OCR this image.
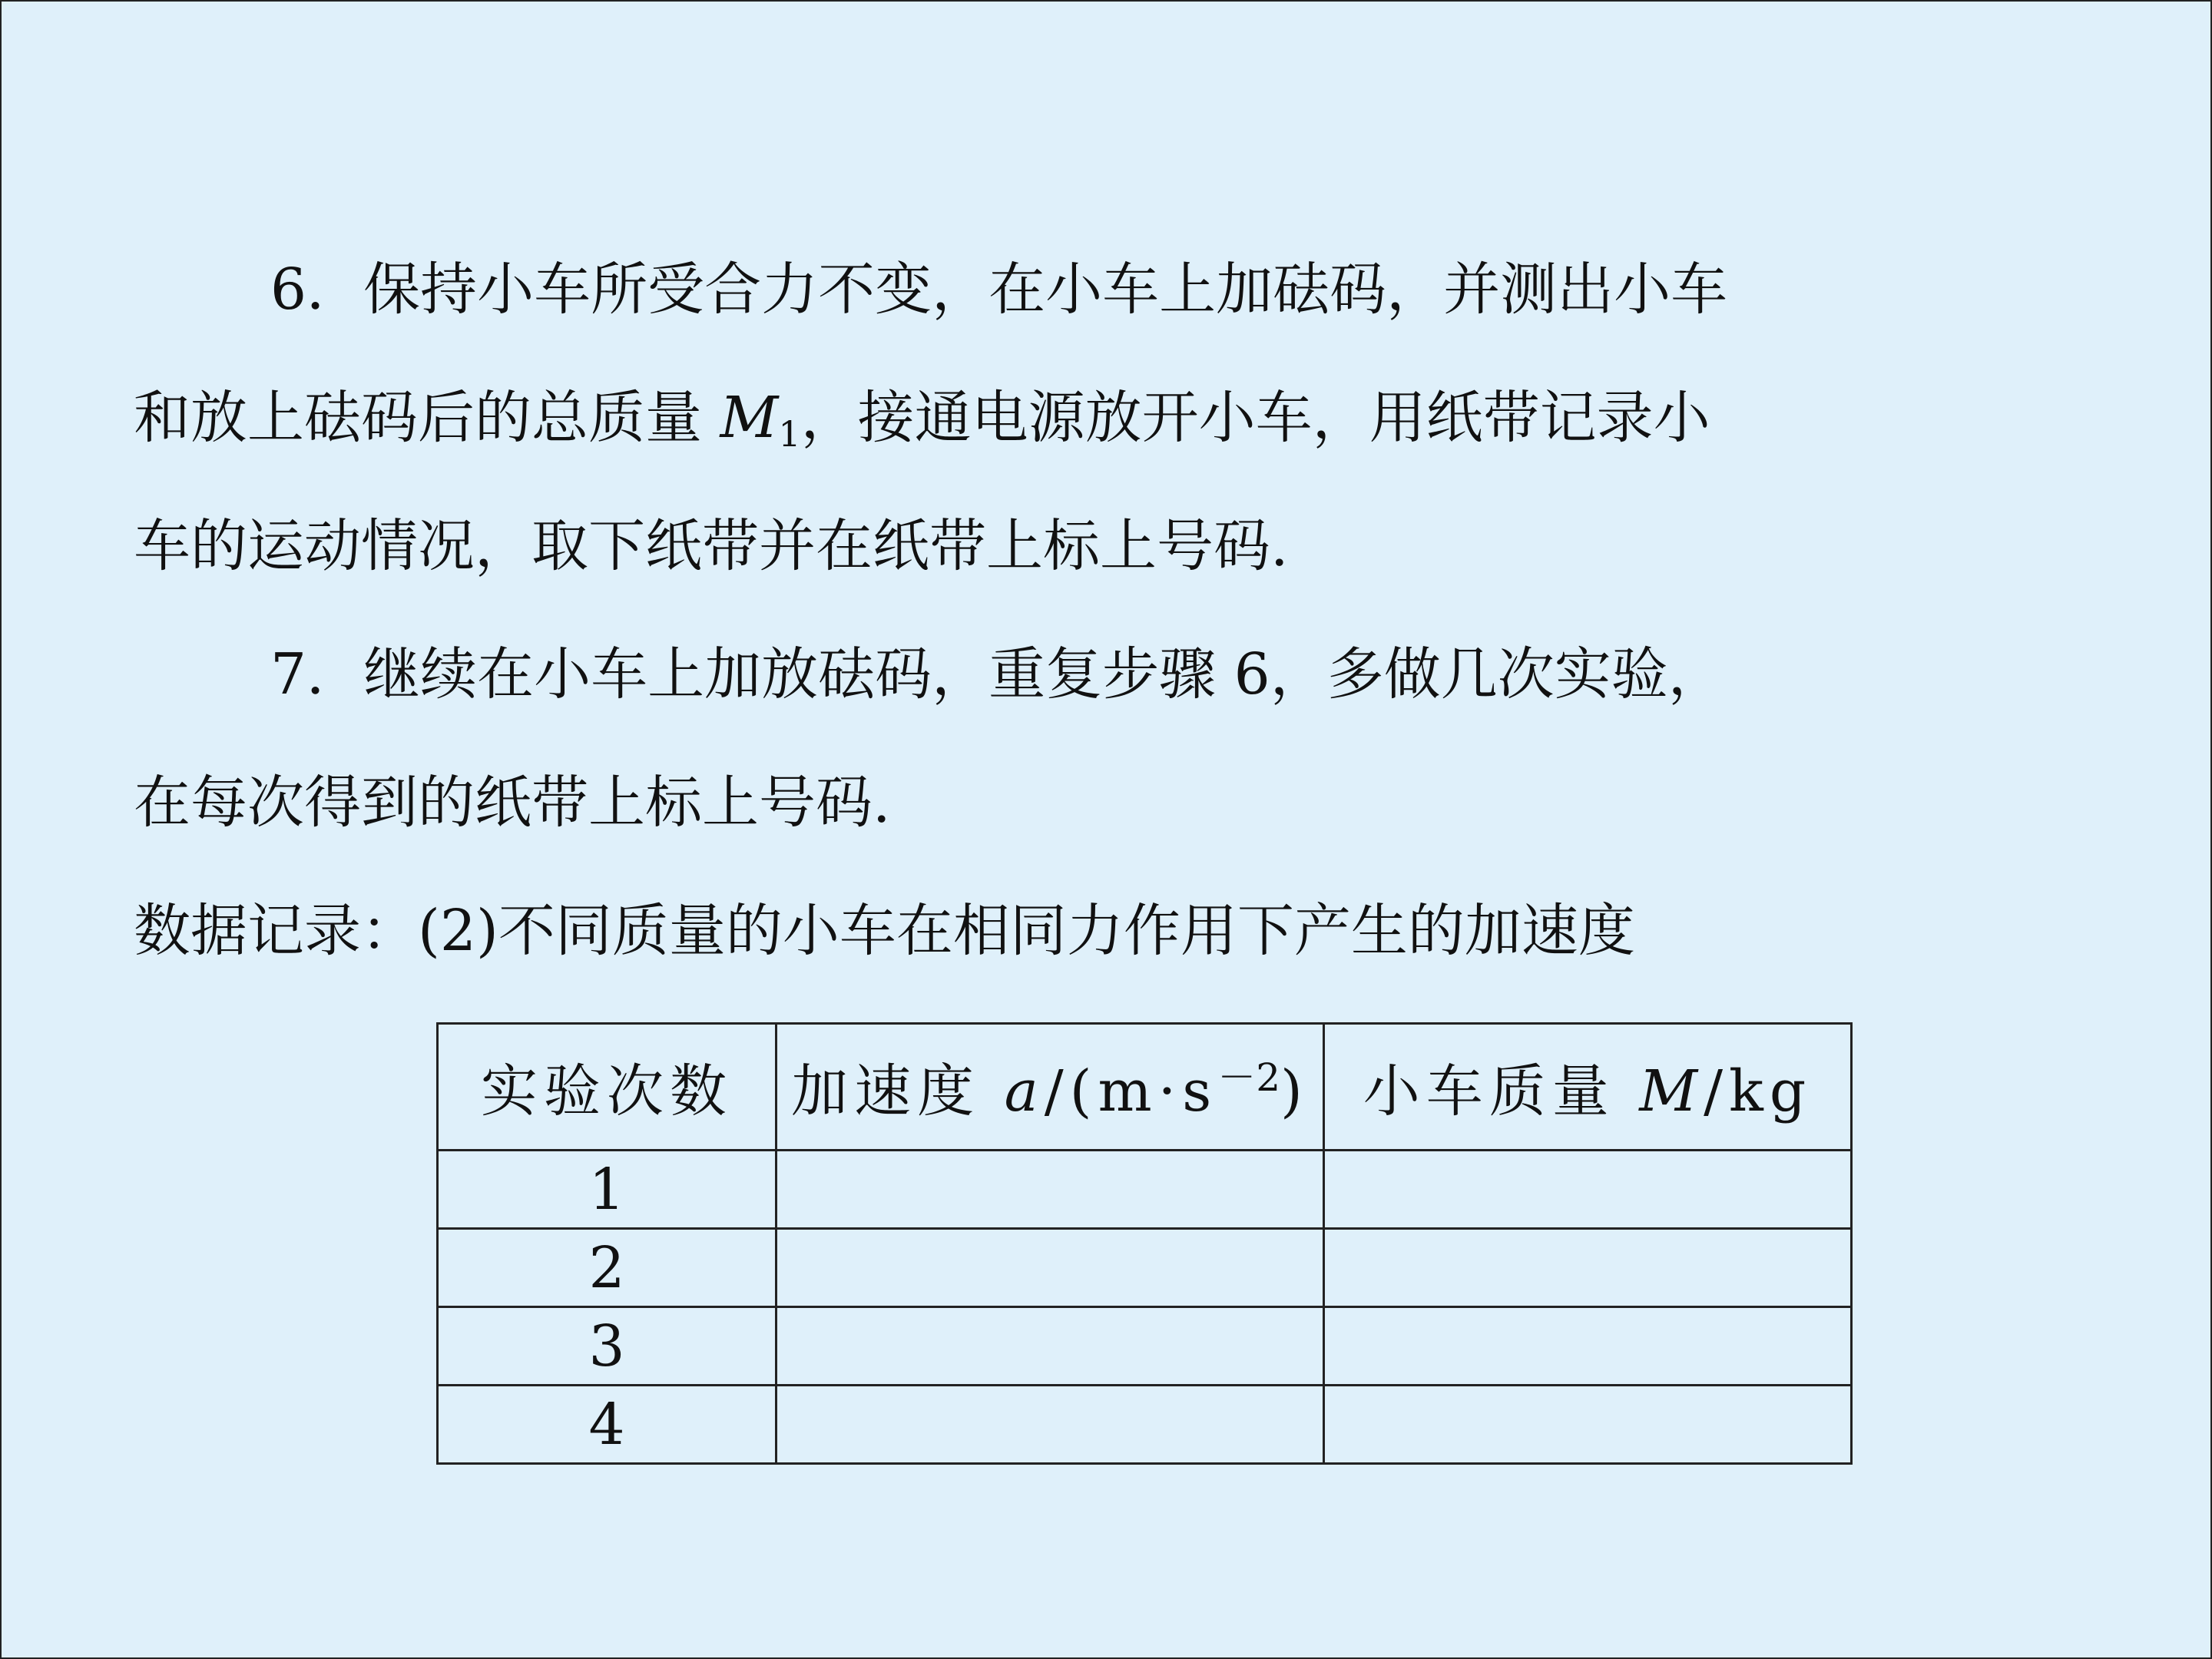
6．保持小车所受合力不变，在小车上加砝码，并测出小车
和放上砝码后的总质量 $M_1$，接通电源放开小车，用纸带记录小
车的运动情况，取下纸带并在纸带上标上号码.
7．继续在小车上加放砝码，重复步骤 6，多做几次实验，
在每次得到的纸带上标上号码.
数据记录：(2)不同质量的小车在相同力作用下产生的加速度
实验次数	加速度 $a/(m\cdot s^{-2})$	小车质量 M/kg
1		
2		
3		
4		
